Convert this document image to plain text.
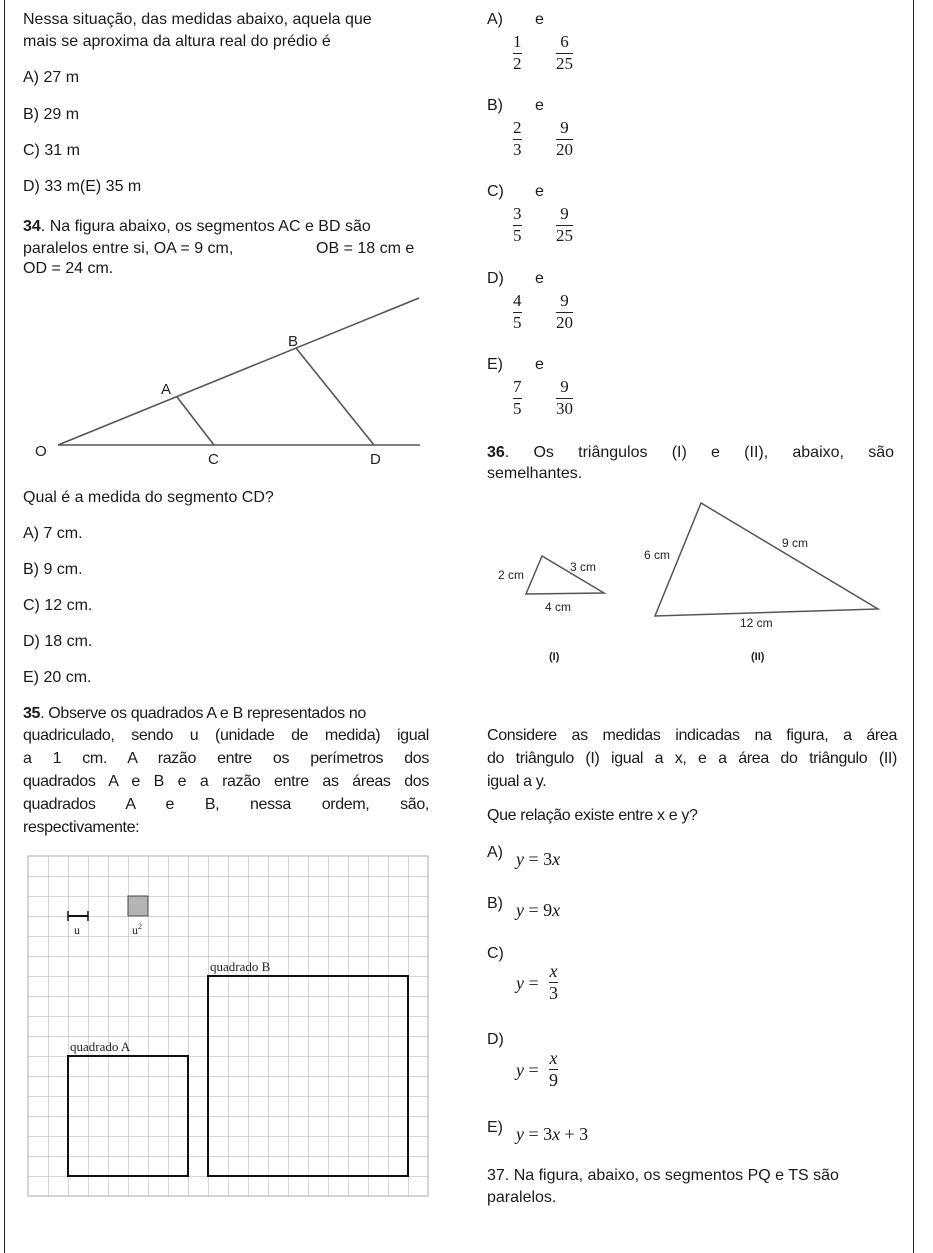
Nessa situação, das medidas abaixo, aquela que
mais se aproxima da altura real do prédio é
A) 27 m
B) 29 m
C) 31 m
D) 33 m(E) 35 m
34. Na figura abaixo, os segmentos AC e BD são
paralelos entre si, OA = 9 cm,	OB = 18 cm e
OD = 24 cm.
O
A
B
C	D
Qual é a medida do segmento CD?
A) 7 cm.
B) 9 cm.
C) 12 cm.
D) 18 cm.
E) 20 cm.
35. Observe os quadrados A e B representados no
quadriculado, sendo u (unidade de medida) igual
a 1 cm. A razão entre os perímetros dos
quadrados A e B e a razão entre as áreas dos
quadrados A e B, nessa ordem, são,
respectivamente:
u	$u^2$
quadrado B
quadrado A
A) e
1
2
6
25
B) e
2
3
9
20
C) e
3
5
9
25
D) e
4
5
9
20
E) e
7
5
9
30
36. Os triângulos (I) e (II), abaixo, são
semelhantes.
2 cm
3 cm
4 cm
6 cm
9 cm
12 cm
(I)	(II)
Considere as medidas indicadas na figura, a área
do triângulo (I) igual a x, e a área do triângulo (II)
igual a y.
Que relação existe entre x e y?
A) y = 3x
B) y = 9x
C)
y =
x
3
D)
y =
x
9
E) y = 3x + 3
37. Na figura, abaixo, os segmentos PQ e TS são
paralelos.
